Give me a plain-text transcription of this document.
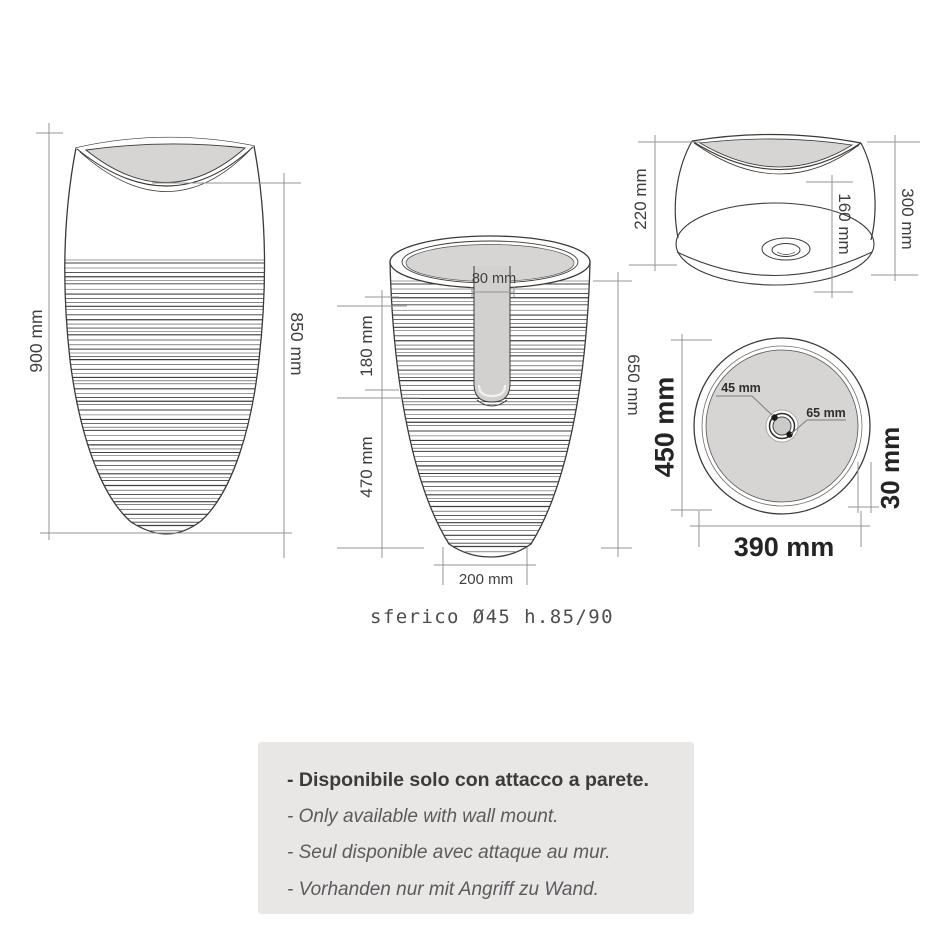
900 mm	850 mm
80 mm
180 mm
470 mm
650 mm
200 mm
sferico Ø45 h.85/90
220 mm	300 mm
160 mm
45 mm
65 mm
450 mm	30 mm
390 mm
- Disponibile solo con attacco a parete.
- Only available with wall mount.
- Seul disponible avec attaque au mur.
- Vorhanden nur mit Angriff zu Wand.
